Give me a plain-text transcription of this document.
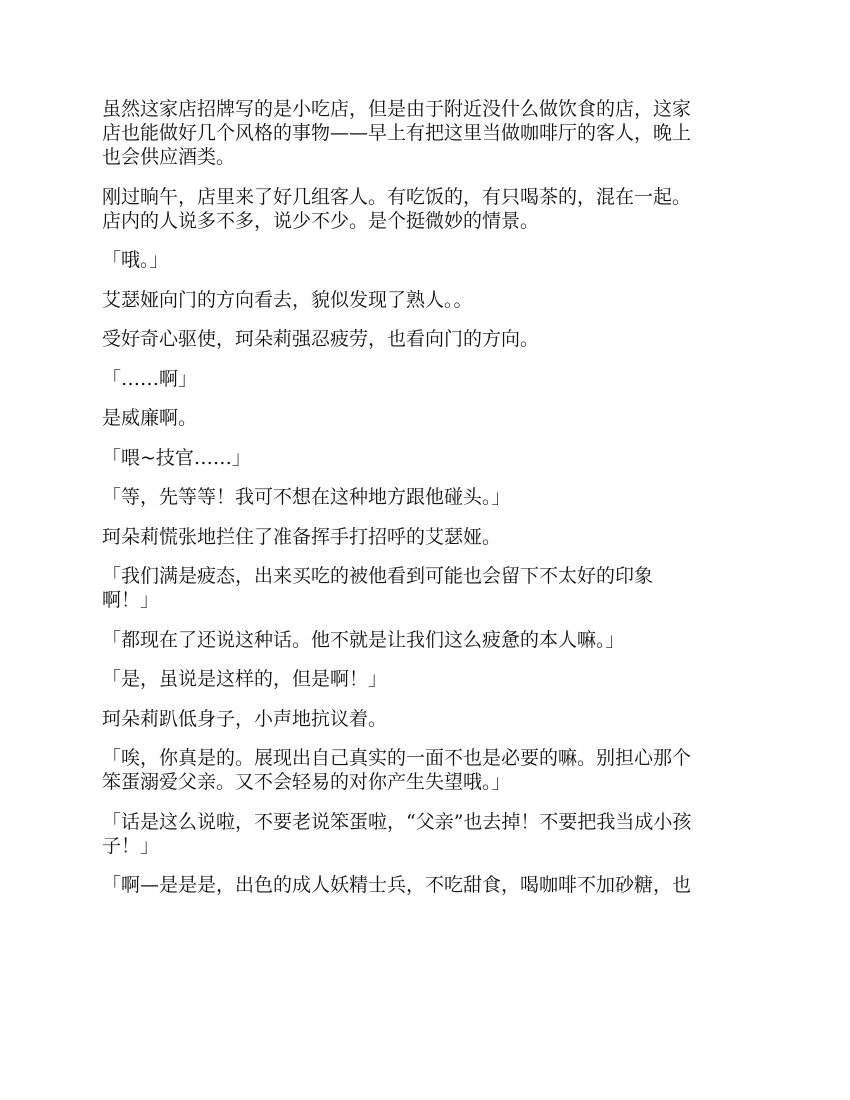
虽然这家店招牌写的是小吃店，但是由于附近没什么做饮食的店，这家
店也能做好几个风格的事物——早上有把这里当做咖啡厅的客人，晚上
也会供应酒类。

刚过晌午，店里来了好几组客人。有吃饭的，有只喝茶的，混在一起。
店内的人说多不多，说少不少。是个挺微妙的情景。

「哦。」

艾瑟娅向门的方向看去，貌似发现了熟人。。

受好奇心驱使，珂朵莉强忍疲劳，也看向门的方向。

「……啊」

是威廉啊。

「喂~技官……」

「等，先等等！我可不想在这种地方跟他碰头。」

珂朵莉慌张地拦住了准备挥手打招呼的艾瑟娅。

「我们满是疲态，出来买吃的被他看到可能也会留下不太好的印象
啊！」

「都现在了还说这种话。他不就是让我们这么疲惫的本人嘛。」

「是，虽说是这样的，但是啊！」

珂朵莉趴低身子，小声地抗议着。

「唉，你真是的。展现出自己真实的一面不也是必要的嘛。别担心那个
笨蛋溺爱父亲。又不会轻易的对你产生失望哦。」

「话是这么说啦，不要老说笨蛋啦，“父亲”也去掉！不要把我当成小孩
子！」

「啊—是是是，出色的成人妖精士兵，不吃甜食，喝咖啡不加砂糖，也
